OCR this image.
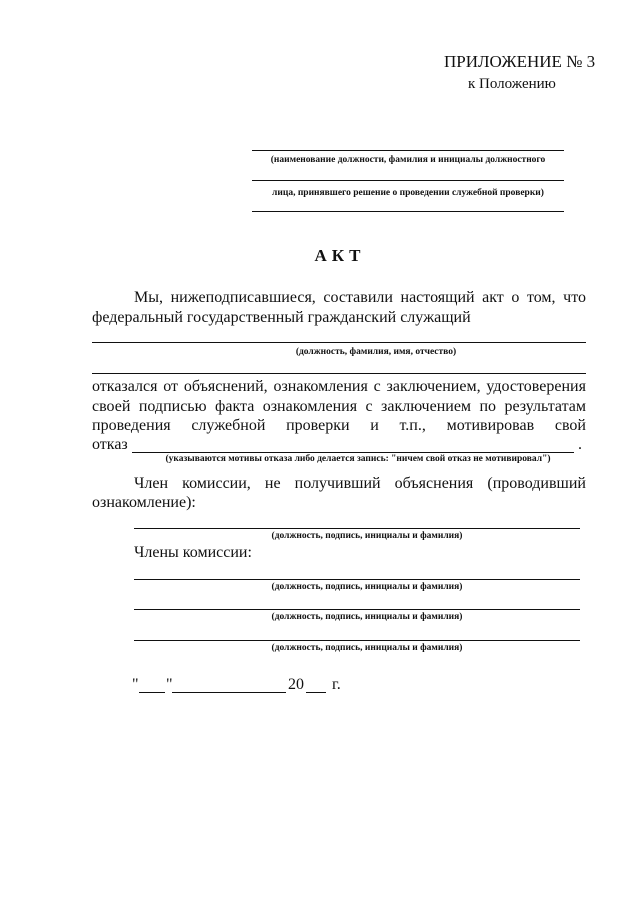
ПРИЛОЖЕНИЕ № 3
к Положению
(наименование должности, фамилия и инициалы должностного
лица, принявшего решение о проведении служебной проверки)
АКТ
Мы, нижеподписавшиеся, составили настоящий акт о том, что
федеральный государственный гражданский служащий
(должность, фамилия, имя, отчество)
отказался от объяснений, ознакомления с заключением, удостоверения
своей подписью факта ознакомления с заключением по результатам
проведения служебной проверки и т.п., мотивировав свой
отказ	.
(указываются мотивы отказа либо делается запись: "ничем свой отказ не мотивировал")
Член комиссии, не получивший объяснения (проводивший
ознакомление):
(должность, подпись, инициалы и фамилия)
Члены комиссии:
(должность, подпись, инициалы и фамилия)
(должность, подпись, инициалы и фамилия)
(должность, подпись, инициалы и фамилия)
" "	20 г.
